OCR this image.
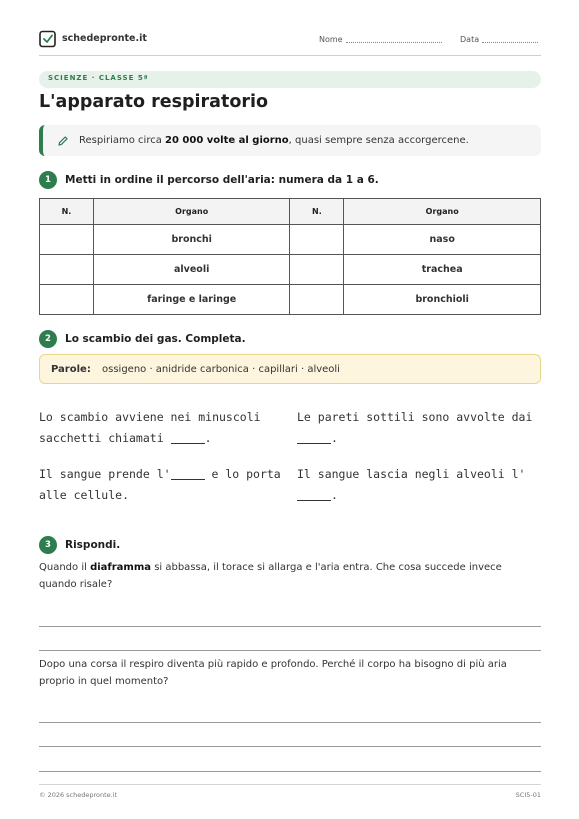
schedepronte.it	Nome	Data
SCIENZE · CLASSE 5ª
L'apparato respiratorio
Respiriamo circa 20 000 volte al giorno, quasi sempre senza accorgercene.
1	Metti in ordine il percorso dell'aria: numera da 1 a 6.
N.	Organo	N.	Organo
	bronchi		naso
	alveoli		trachea
	faringe e laringe		bronchioli
2	Lo scambio dei gas. Completa.
Parole: ossigeno · anidride carbonica · capillari · alveoli
Lo scambio avviene nei minuscoli sacchetti chiamati	.
Le pareti sottili sono avvolte dai .
Il sangue prende l'	e lo porta alle cellule.
Il sangue lascia negli alveoli l'.
3	Rispondi.
Quando il diaframma si abbassa, il torace si allarga e l'aria entra. Che cosa succede invece quando risale?
Dopo una corsa il respiro diventa più rapido e profondo. Perché il corpo ha bisogno di più aria proprio in quel momento?
© 2026 schedepronte.it	SCI5-01
